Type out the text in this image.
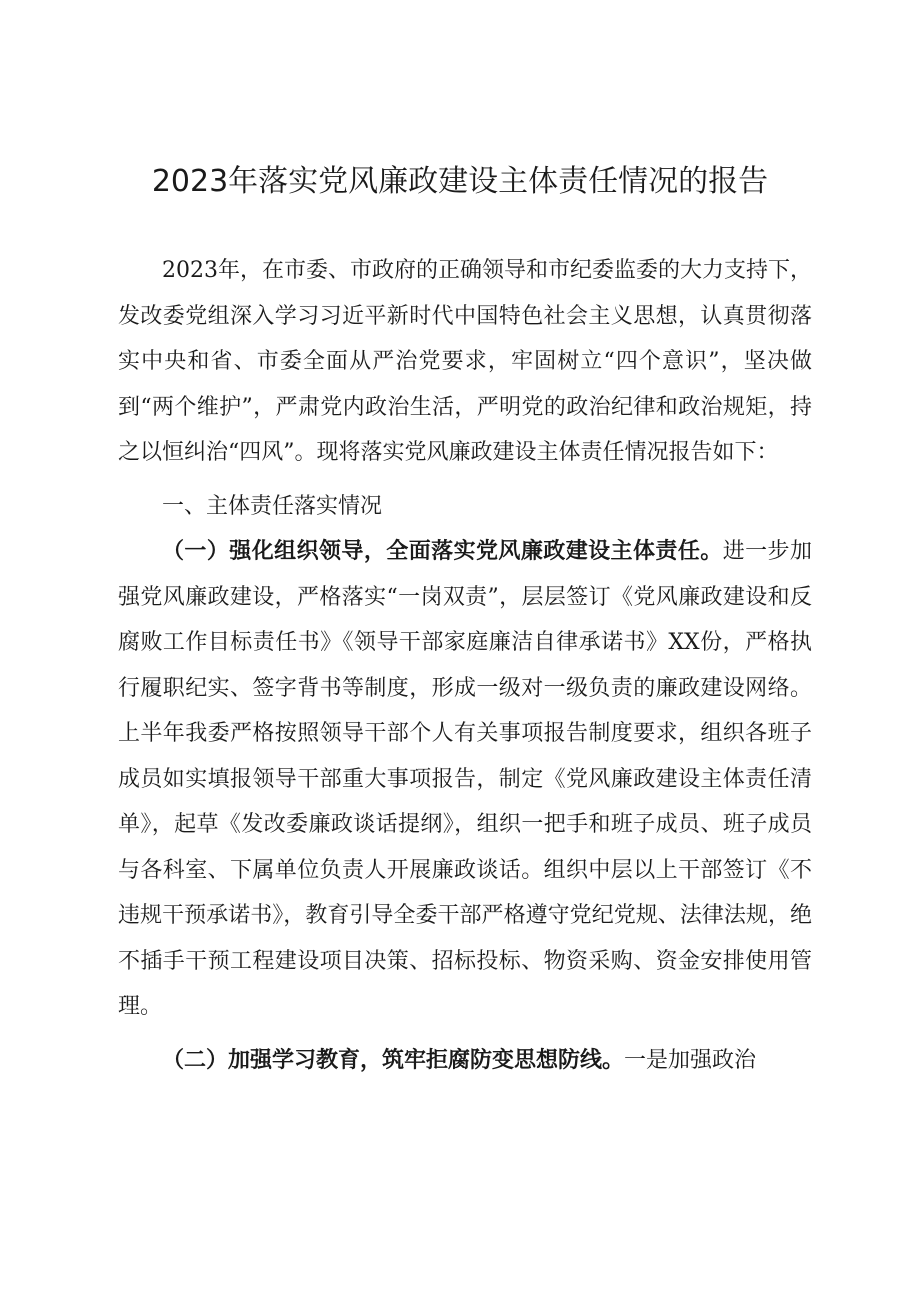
2023年落实党风廉政建设主体责任情况的报告

2023年，在市委、市政府的正确领导和市纪委监委的大力支持下，发改委党组深入学习习近平新时代中国特色社会主义思想，认真贯彻落实中央和省、市委全面从严治党要求，牢固树立“四个意识”，坚决做到“两个维护”，严肃党内政治生活，严明党的政治纪律和政治规矩，持之以恒纠治“四风”。现将落实党风廉政建设主体责任情况报告如下：

一、主体责任落实情况

（一）强化组织领导，全面落实党风廉政建设主体责任。进一步加强党风廉政建设，严格落实“一岗双责”，层层签订《党风廉政建设和反腐败工作目标责任书》《领导干部家庭廉洁自律承诺书》XX份，严格执行履职纪实、签字背书等制度，形成一级对一级负责的廉政建设网络。上半年我委严格按照领导干部个人有关事项报告制度要求，组织各班子成员如实填报领导干部重大事项报告，制定《党风廉政建设主体责任清单》，起草《发改委廉政谈话提纲》，组织一把手和班子成员、班子成员与各科室、下属单位负责人开展廉政谈话。组织中层以上干部签订《不违规干预承诺书》，教育引导全委干部严格遵守党纪党规、法律法规，绝不插手干预工程建设项目决策、招标投标、物资采购、资金安排使用管理。

（二）加强学习教育，筑牢拒腐防变思想防线。一是加强政治
